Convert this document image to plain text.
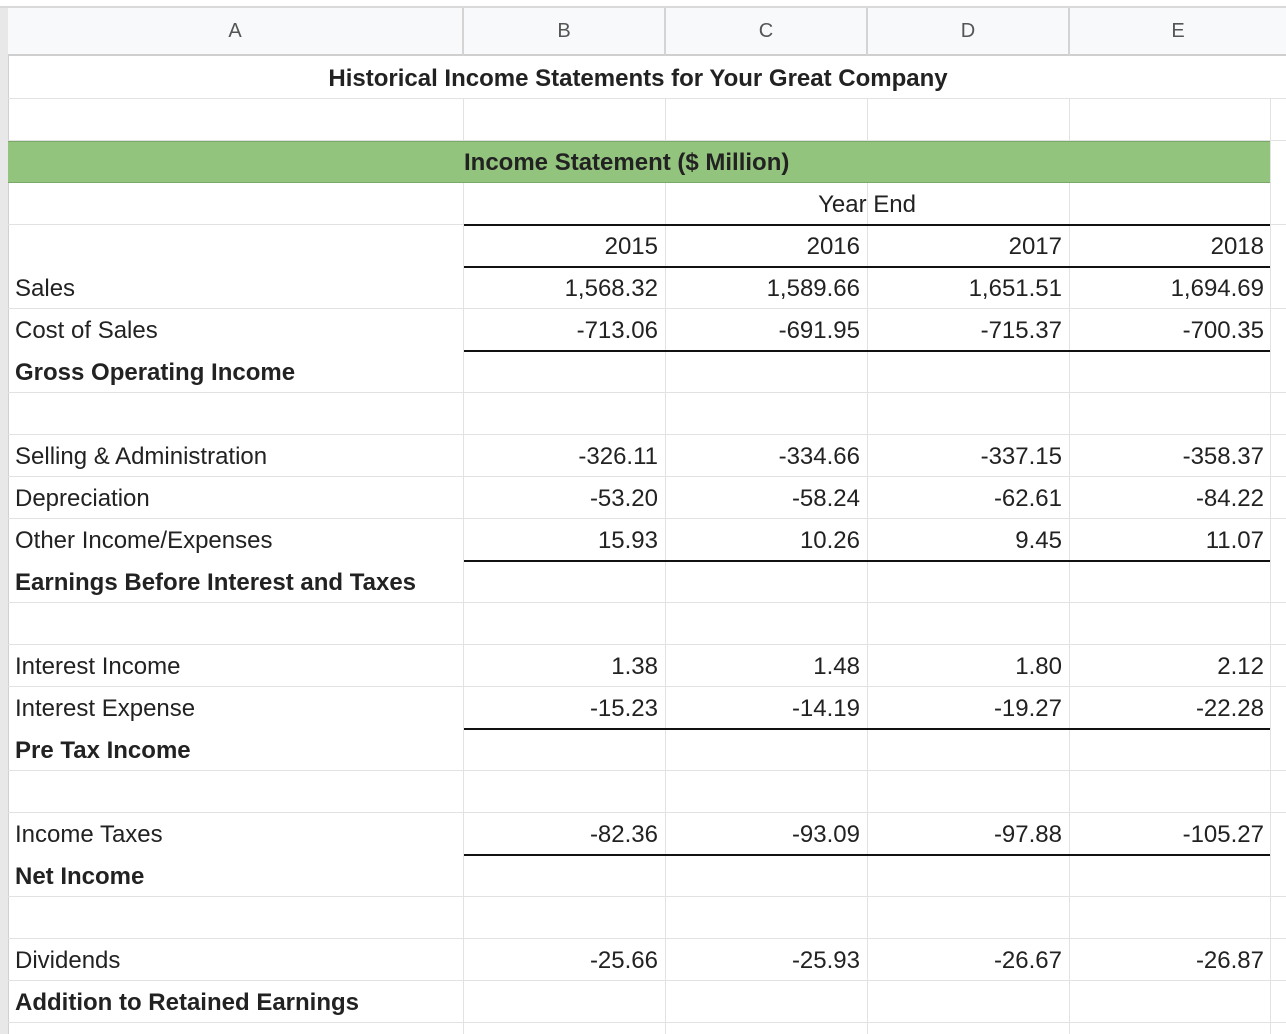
A	B	C	D	E
Historical Income Statements for Your Great Company
Income Statement ($ Million)
Year End
2015	2016	2017	2018
Sales	1,568.32	1,589.66	1,651.51	1,694.69
Cost of Sales	-713.06	-691.95	-715.37	-700.35
Gross Operating Income
Selling & Administration	-326.11	-334.66	-337.15	-358.37
Depreciation	-53.20	-58.24	-62.61	-84.22
Other Income/Expenses	15.93	10.26	9.45	11.07
Earnings Before Interest and Taxes
Interest Income	1.38	1.48	1.80	2.12
Interest Expense	-15.23	-14.19	-19.27	-22.28
Pre Tax Income
Income Taxes	-82.36	-93.09	-97.88	-105.27
Net Income
Dividends	-25.66	-25.93	-26.67	-26.87
Addition to Retained Earnings
